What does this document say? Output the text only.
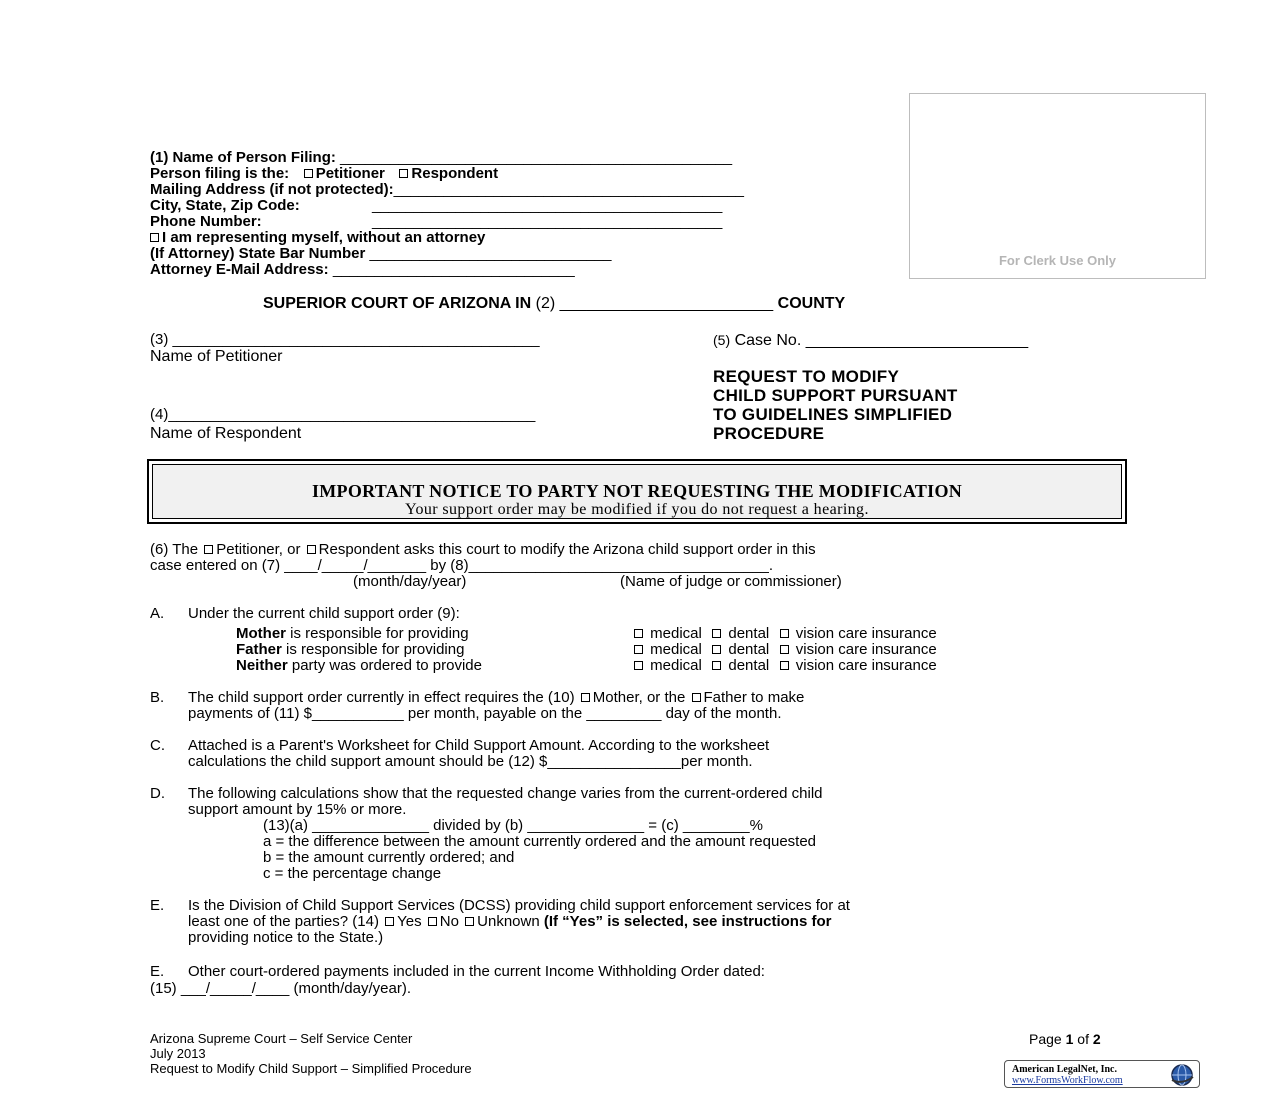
For Clerk Use Only
(1) Name of Person Filing: _______________________________________________
Person filing is the: Petitioner Respondent
Mailing Address (if not protected):__________________________________________
City, State, Zip Code:	__________________________________________
Phone Number:	__________________________________________
I am representing myself, without an attorney
(If Attorney) State Bar Number _____________________________
Attorney E-Mail Address: _____________________________
SUPERIOR COURT OF ARIZONA IN (2) ________________________ COUNTY
(3) ____________________________________________
Name of Petitioner
(4)____________________________________________
Name of Respondent
(5) Case No. _________________________
REQUEST TO MODIFY
CHILD SUPPORT PURSUANT
TO GUIDELINES SIMPLIFIED
PROCEDURE
IMPORTANT NOTICE TO PARTY NOT REQUESTING THE MODIFICATION
Your support order may be modified if you do not request a hearing.
(6) The Petitioner, or Respondent asks this court to modify the Arizona child support order in this
case entered on (7) ____/_____/_______ by (8)____________________________________.
(month/day/year)	(Name of judge or commissioner)
A. Under the current child support order (9):
Mother is responsible for providing	medical dental vision care insurance
Father is responsible for providing	medical dental vision care insurance
Neither party was ordered to provide	medical dental vision care insurance
B. The child support order currently in effect requires the (10) Mother, or the Father to make
payments of (11) $___________ per month, payable on the _________ day of the month.
C. Attached is a Parent's Worksheet for Child Support Amount. According to the worksheet
calculations the child support amount should be (12) $________________per month.
D. The following calculations show that the requested change varies from the current-ordered child
support amount by 15% or more.
(13)(a) ______________ divided by (b) ______________ = (c) ________%
a = the difference between the amount currently ordered and the amount requested
b = the amount currently ordered; and
c = the percentage change
E. Is the Division of Child Support Services (DCSS) providing child support enforcement services for at
least one of the parties? (14) Yes No Unknown (If “Yes” is selected, see instructions for
providing notice to the State.)
E. Other court-ordered payments included in the current Income Withholding Order dated:
(15) ___/_____/____ (month/day/year).
Arizona Supreme Court – Self Service Center
July 2013
Request to Modify Child Support – Simplified Procedure
Page 1 of 2
American LegalNet, Inc.
www.FormsWorkFlow.com
